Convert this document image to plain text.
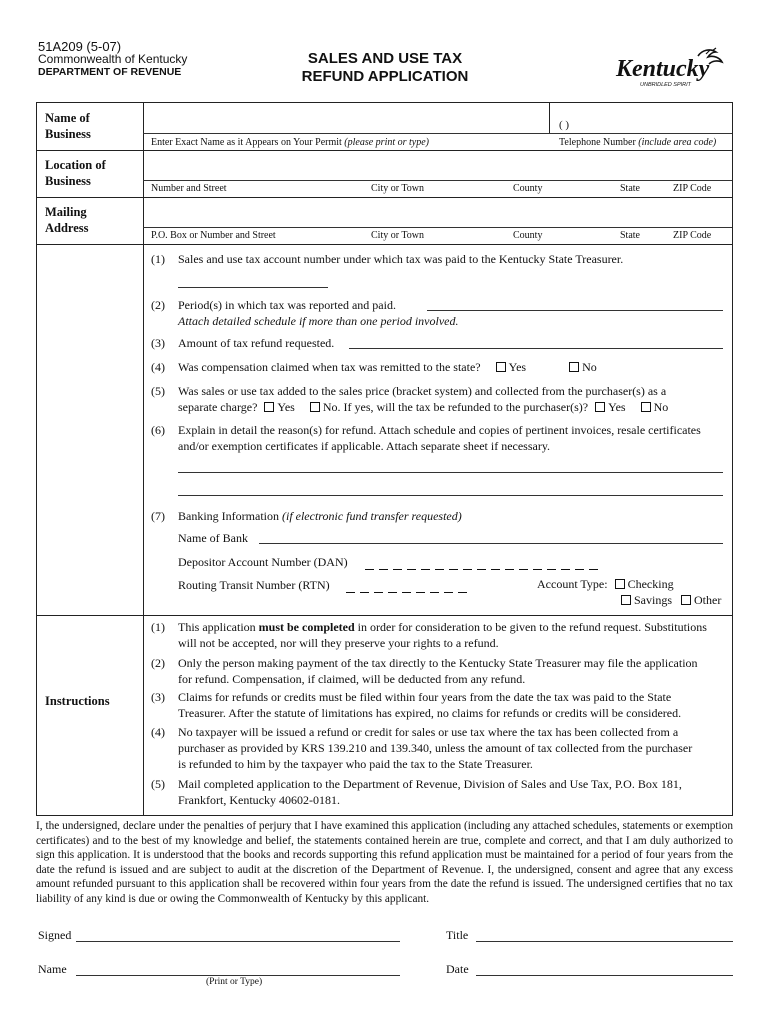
51A209 (5-07)
Commonwealth of Kentucky
DEPARTMENT OF REVENUE
SALES AND USE TAX
REFUND APPLICATION	Kentucky
UNBRIDLED SPIRIT
Name of
Business
( )
Enter Exact Name as it Appears on Your Permit (please print or type)	Telephone Number (include area code)
Location of
Business
Number and Street	City or Town	County	State	ZIP Code
Mailing
Address
P.O. Box or Number and Street	City or Town	County	State	ZIP Code
(1) Sales and use tax account number under which tax was paid to the Kentucky State Treasurer.
(2) Period(s) in which tax was reported and paid.
Attach detailed schedule if more than one period involved.
(3) Amount of tax refund requested.
(4) Was compensation claimed when tax was remitted to the state? Yes	No
(5) Was sales or use tax added to the sales price (bracket system) and collected from the purchaser(s) as a
separate charge? Yes No. If yes, will the tax be refunded to the purchaser(s)? Yes No
(6) Explain in detail the reason(s) for refund. Attach schedule and copies of pertinent invoices, resale certificates
and/or exemption certificates if applicable. Attach separate sheet if necessary.
(7) Banking Information (if electronic fund transfer requested)
Name of Bank
Depositor Account Number (DAN)
Routing Transit Number (RTN)	Account Type: Checking
Savings Other
Instructions
(1) This application must be completed in order for consideration to be given to the refund request. Substitutions
will not be accepted, nor will they preserve your rights to a refund.
(2) Only the person making payment of the tax directly to the Kentucky State Treasurer may file the application
for refund. Compensation, if claimed, will be deducted from any refund.
(3) Claims for refunds or credits must be filed within four years from the date the tax was paid to the State
Treasurer. After the statute of limitations has expired, no claims for refunds or credits will be considered.
(4) No taxpayer will be issued a refund or credit for sales or use tax where the tax has been collected from a
purchaser as provided by KRS 139.210 and 139.340, unless the amount of tax collected from the purchaser
is refunded to him by the taxpayer who paid the tax to the State Treasurer.
(5) Mail completed application to the Department of Revenue, Division of Sales and Use Tax, P.O. Box 181,
Frankfort, Kentucky 40602-0181.
I, the undersigned, declare under the penalties of perjury that I have examined this application (including any attached schedules, statements or exemption certificates) and to the best of my knowledge and belief, the statements contained herein are true, complete and correct, and that I am duly authorized to sign this application. It is understood that the books and records supporting this refund application must be maintained for a period of four years from the date the refund is issued and are subject to audit at the discretion of the Department of Revenue. I, the undersigned, consent and agree that any excess amount refunded pursuant to this application shall be recovered within four years from the date the refund is issued. The undersigned certifies that no tax liability of any kind is due or owing the Commonwealth of Kentucky by this applicant.
Signed	Title
Name	Date
(Print or Type)
